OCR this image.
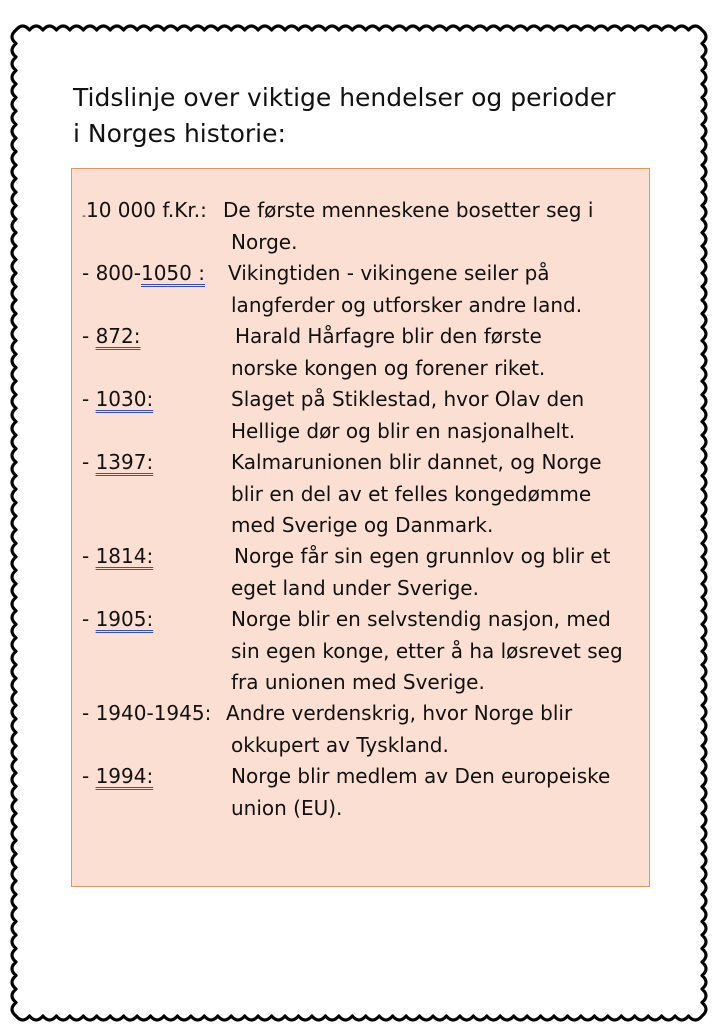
Tidslinje over viktige hendelser og perioder
i Norges historie:
-10 000 f.Kr.: De første menneskene bosetter seg i
Norge.
- 800-1050 : Vikingtiden - vikingene seiler på
langferder og utforsker andre land.
- 872:	Harald Hårfagre blir den første
norske kongen og forener riket.
- 1030:	Slaget på Stiklestad, hvor Olav den
Hellige dør og blir en nasjonalhelt.
- 1397:	Kalmarunionen blir dannet, og Norge
blir en del av et felles kongedømme
med Sverige og Danmark.
- 1814:	Norge får sin egen grunnlov og blir et
eget land under Sverige.
- 1905:	Norge blir en selvstendig nasjon, med
sin egen konge, etter å ha løsrevet seg
fra unionen med Sverige.
- 1940-1945: Andre verdenskrig, hvor Norge blir
okkupert av Tyskland.
- 1994:	Norge blir medlem av Den europeiske
union (EU).
